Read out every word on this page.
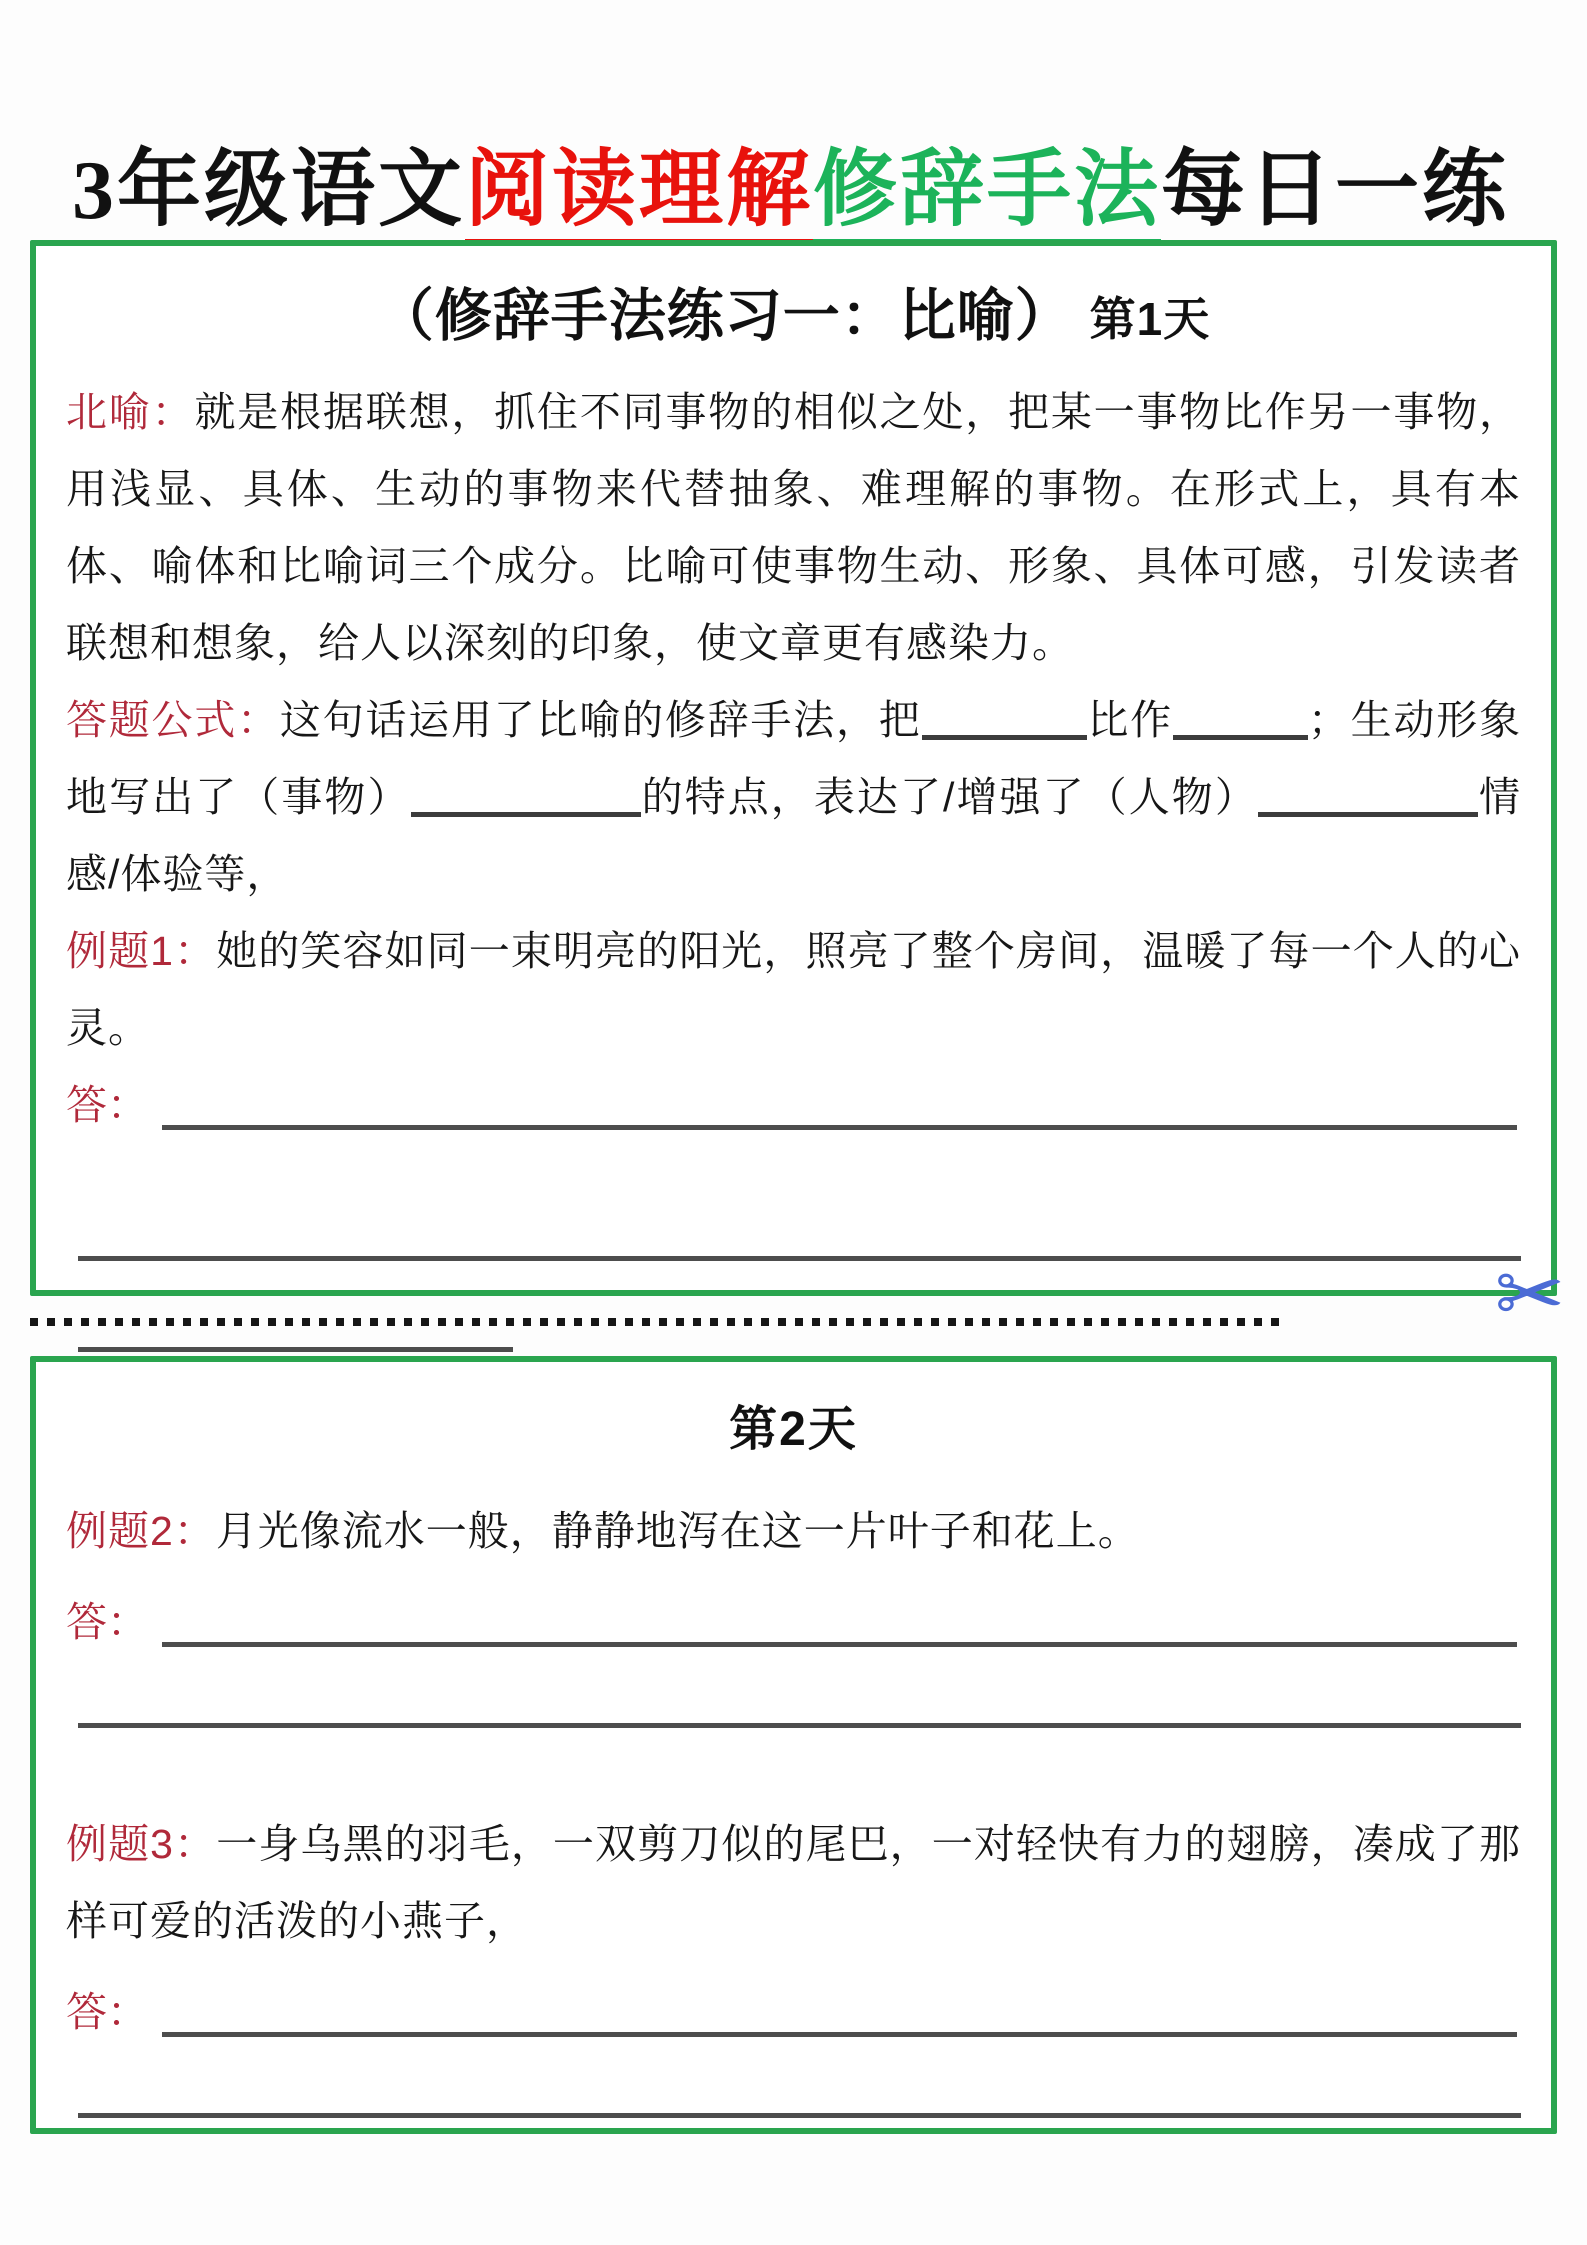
3年级语文阅读理解修辞手法每日一练
（修辞手法练习一：比喻） 第1天

北喻：就是根据联想，抓住不同事物的相似之处，把某一事物比作另一事物，用浅显、具体、生动的事物来代替抽象、难理解的事物。在形式上，具有本体、喻体和比喻词三个成分。比喻可使事物生动、形象、具体可感，引发读者联想和想象，给人以深刻的印象，使文章更有感染力。

答题公式：这句话运用了比喻的修辞手法，把	比作	；生动形象地写出了（事物）	的特点，表达了/增强了（人物）	情感/体验等，

例题1：她的笑容如同一束明亮的阳光，照亮了整个房间，温暖了每一个人的心灵。

答：
✂
第2天

例题2：月光像流水一般，静静地泻在这一片叶子和花上。

答：

例题3：一身乌黑的羽毛，一双剪刀似的尾巴，一对轻快有力的翅膀，凑成了那样可爱的活泼的小燕子，

答：
